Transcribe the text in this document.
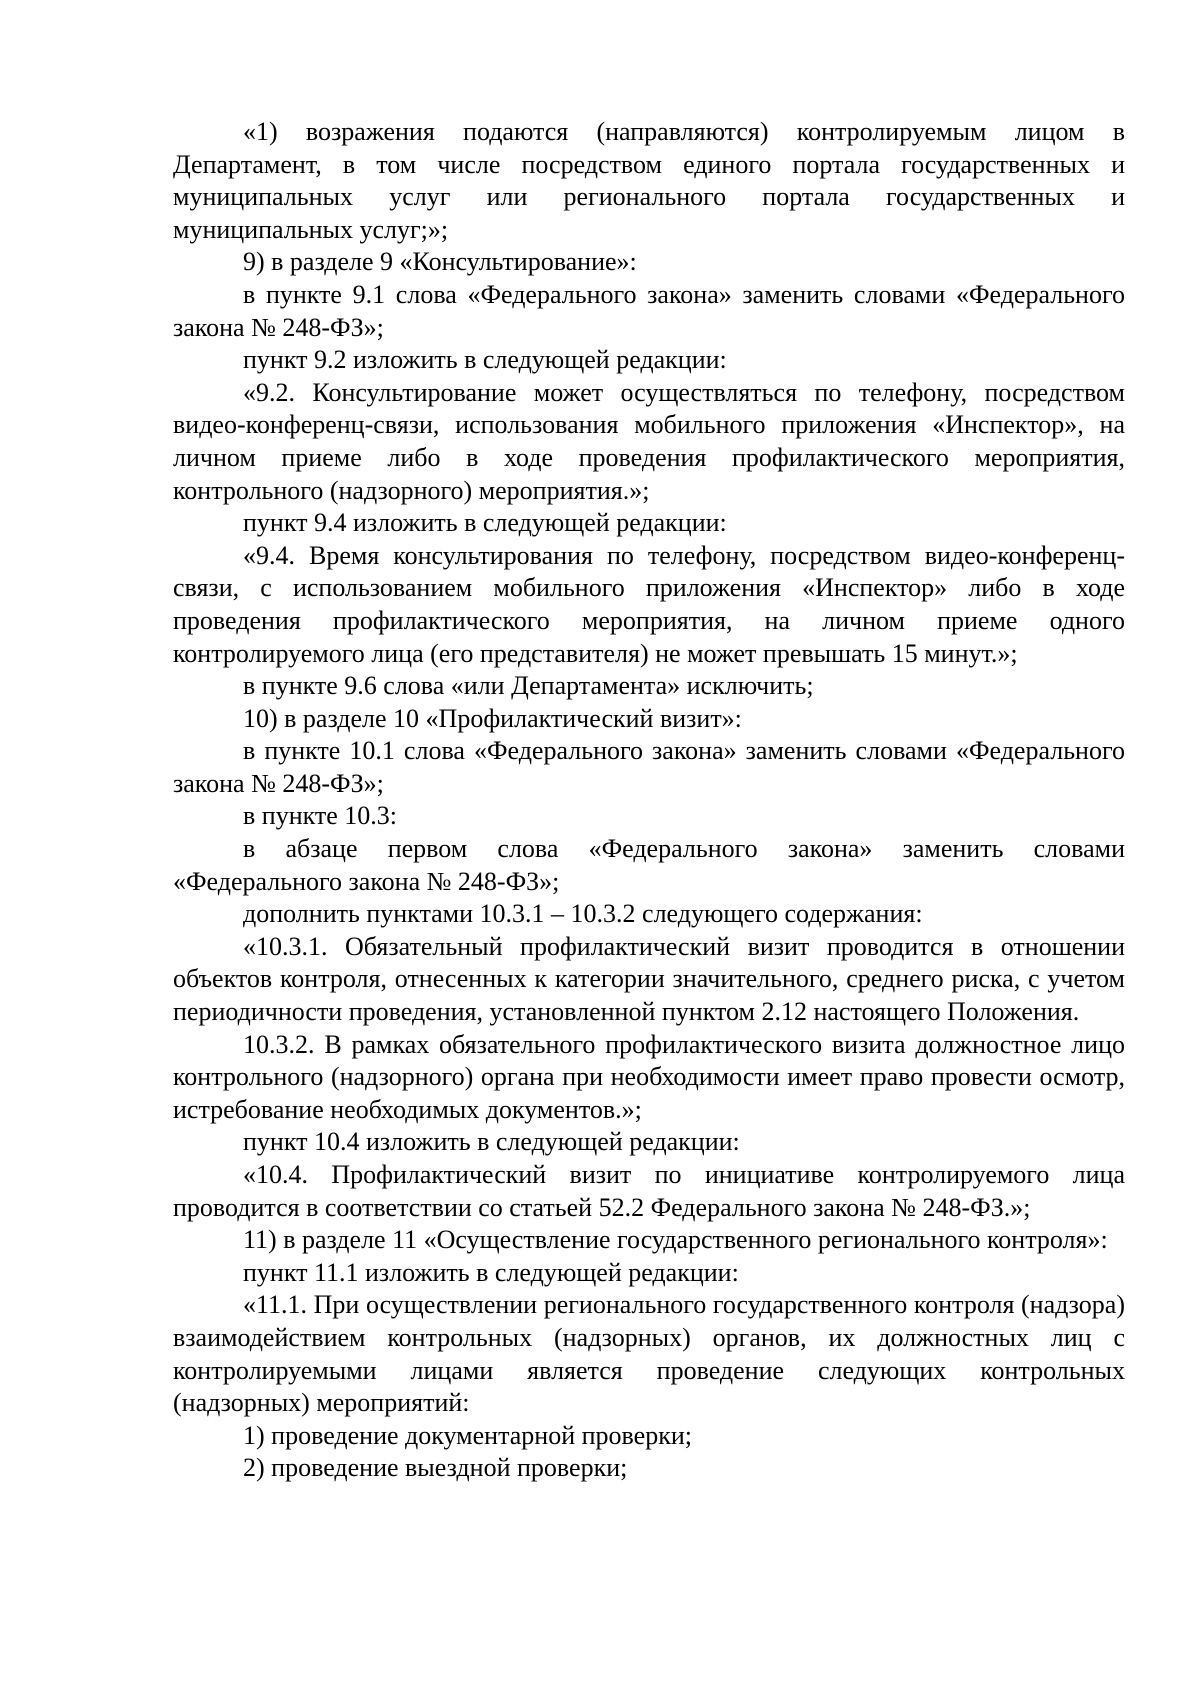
«1) возражения подаются (направляются) контролируемым лицом в Департамент, в том числе посредством единого портала государственных и муниципальных услуг или регионального портала государственных и муниципальных услуг;»;

9) в разделе 9 «Консультирование»:

в пункте 9.1 слова «Федерального закона» заменить словами «Федерального закона № 248-ФЗ»;

пункт 9.2 изложить в следующей редакции:

«9.2. Консультирование может осуществляться по телефону, посредством видео-конференц-связи, использования мобильного приложения «Инспектор», на личном приеме либо в ходе проведения профилактического мероприятия, контрольного (надзорного) мероприятия.»;

пункт 9.4 изложить в следующей редакции:

«9.4. Время консультирования по телефону, посредством видео-конференц-связи, с использованием мобильного приложения «Инспектор» либо в ходе проведения профилактического мероприятия, на личном приеме одного контролируемого лица (его представителя) не может превышать 15 минут.»;

в пункте 9.6 слова «или Департамента» исключить;

10) в разделе 10 «Профилактический визит»:

в пункте 10.1 слова «Федерального закона» заменить словами «Федерального закона № 248-ФЗ»;

в пункте 10.3:

в абзаце первом слова «Федерального закона» заменить словами «Федерального закона № 248-ФЗ»;

дополнить пунктами 10.3.1 – 10.3.2 следующего содержания:

«10.3.1. Обязательный профилактический визит проводится в отношении объектов контроля, отнесенных к категории значительного, среднего риска, с учетом периодичности проведения, установленной пунктом 2.12 настоящего Положения.

10.3.2. В рамках обязательного профилактического визита должностное лицо контрольного (надзорного) органа при необходимости имеет право провести осмотр, истребование необходимых документов.»;

пункт 10.4 изложить в следующей редакции:

«10.4. Профилактический визит по инициативе контролируемого лица проводится в соответствии со статьей 52.2 Федерального закона № 248-ФЗ.»;

11) в разделе 11 «Осуществление государственного регионального контроля»:

пункт 11.1 изложить в следующей редакции:

«11.1. При осуществлении регионального государственного контроля (надзора) взаимодействием контрольных (надзорных) органов, их должностных лиц с контролируемыми лицами является проведение следующих контрольных (надзорных) мероприятий:

1) проведение документарной проверки;

2) проведение выездной проверки;
